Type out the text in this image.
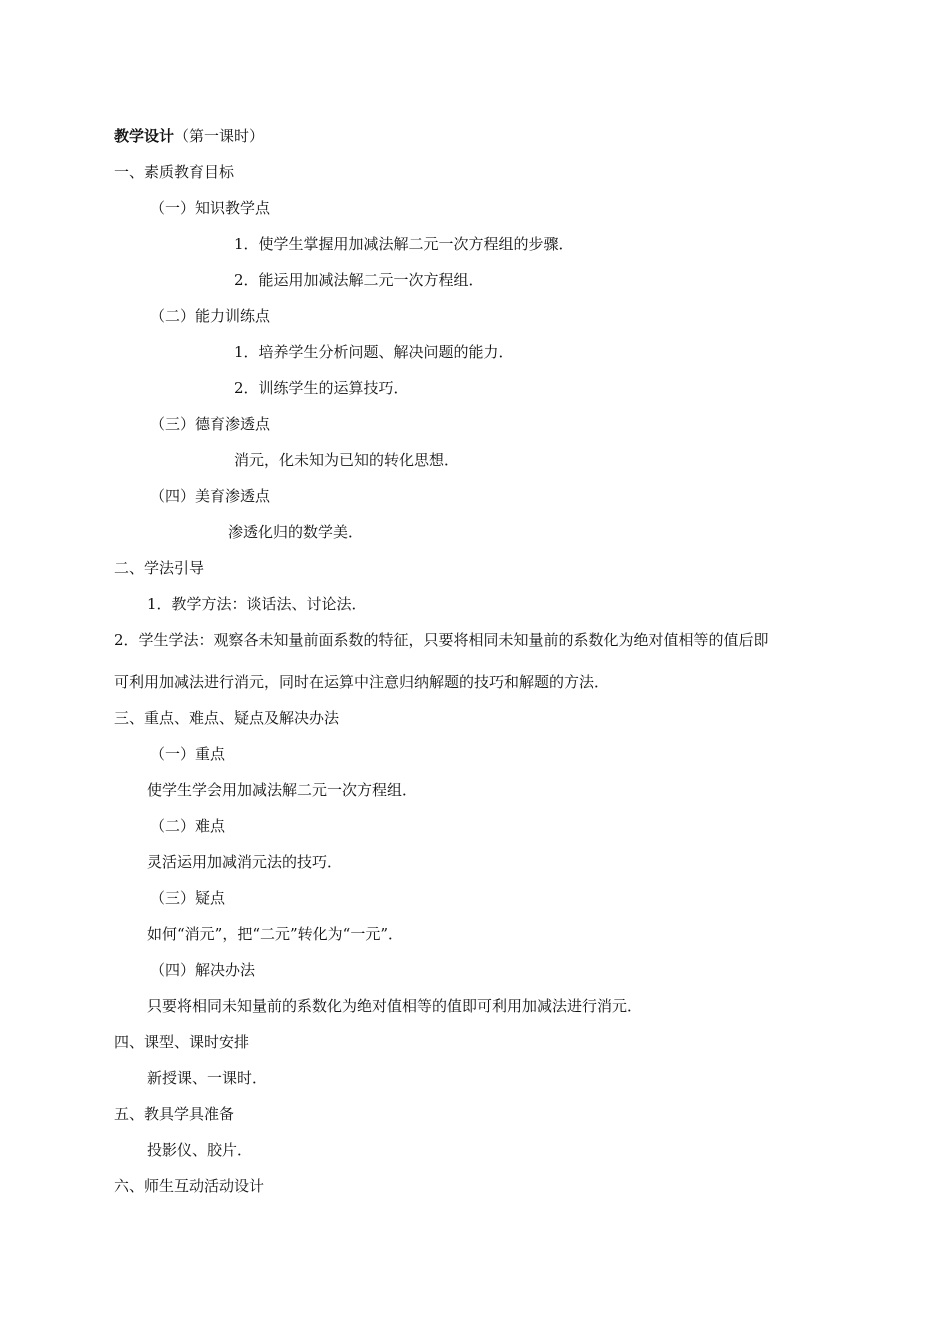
教学设计（第一课时）
一、素质教育目标
（一）知识教学点
1．使学生掌握用加减法解二元一次方程组的步骤．
2．能运用加减法解二元一次方程组．
（二）能力训练点
1．培养学生分析问题、解决问题的能力．
2．训练学生的运算技巧．
（三）德育渗透点
消元，化未知为已知的转化思想．
（四）美育渗透点
渗透化归的数学美．
二、学法引导
1．教学方法：谈话法、讨论法．
2．学生学法：观察各未知量前面系数的特征，只要将相同未知量前的系数化为绝对值相等的值后即
可利用加减法进行消元，同时在运算中注意归纳解题的技巧和解题的方法．
三、重点、难点、疑点及解决办法
（一）重点
使学生学会用加减法解二元一次方程组．
（二）难点
灵活运用加减消元法的技巧．
（三）疑点
如何“消元”，把“二元”转化为“一元”．
（四）解决办法
只要将相同未知量前的系数化为绝对值相等的值即可利用加减法进行消元．
四、课型、课时安排
新授课、一课时．
五、教具学具准备
投影仪、胶片．
六、师生互动活动设计
